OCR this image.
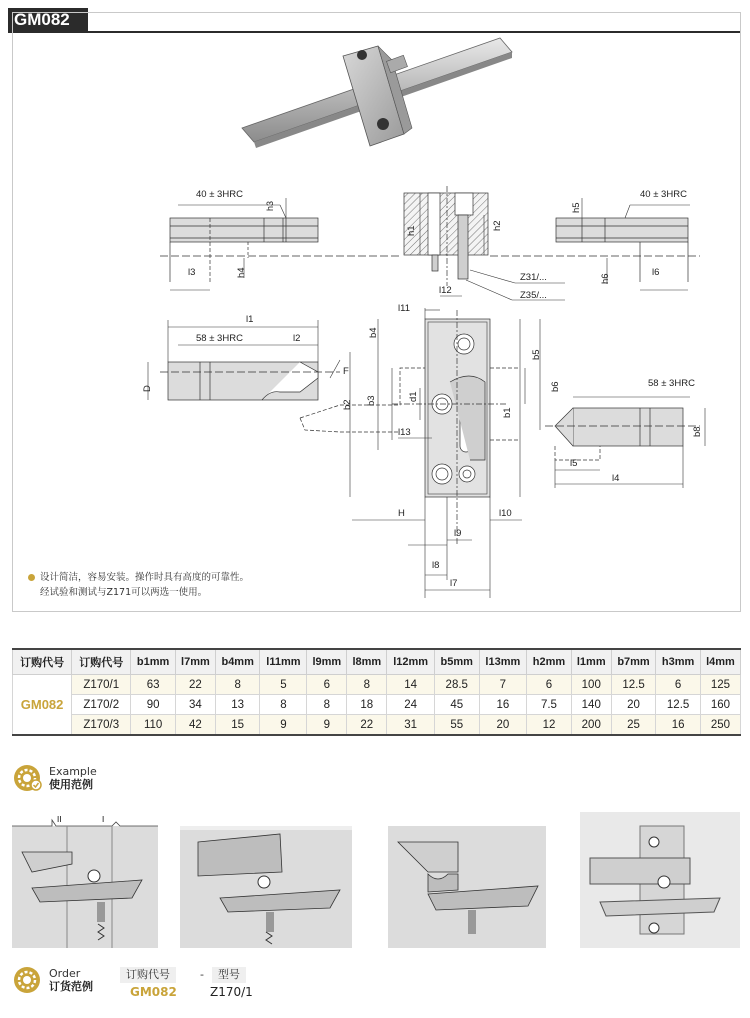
GM082
40 ± 3HRC
h3
l3	h4
h1	h2
h5
40 ± 3HRC
h6
l6
Z31/...
Z35/...
l1
58 ± 3HRC	l2
D
F
l11
l12
b4
b5
b6
b2 b3	d1
b1
l13
H	l10
l9
l8
l7
58 ± 3HRC
b8
l5
l4
设计简洁，容易安装。操作时具有高度的可靠性。
经试验和测试与Z171可以两选一使用。
订购代号	订购代号	b1mm	l7mm	b4mm	l11mm	l9mm	l8mm	l12mm	b5mm	l13mm	h2mm	l1mm	b7mm	h3mm	l4mm
GM082	Z170/1	63	22	8	5	6	8	14	28.5	7	6	100	12.5	6	125
	Z170/2	90	34	13	8	8	18	24	45	16	7.5	140	20	12.5	160
	Z170/3	110	42	15	9	9	22	31	55	20	12	200	25	16	250
Example
使用范例
II	I
Order
订货范例
订购代号	-	型号
GM082	Z170/1
